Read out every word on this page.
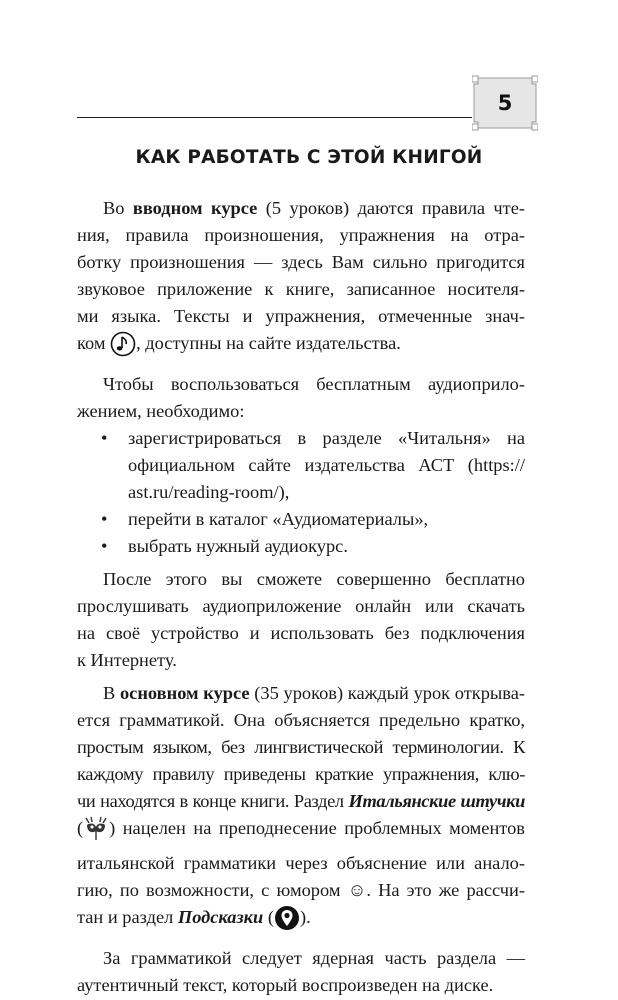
5
КАК РАБОТАТЬ С ЭТОЙ КНИГОЙ

Во вводном курсе (5 уроков) даются правила чте-

ния, правила произношения, упражнения на отра-

ботку произношения — здесь Вам сильно пригодится

звуковое приложение к книге, записанное носителя-

ми языка. Тексты и упражнения, отмеченные знач-

ком , доступны на сайте издательства.

Чтобы воспользоваться бесплатным аудиоприло-

жением, необходимо:

• зарегистрироваться в разделе «Читальня» на

официальном сайте издательства АСТ (https://

ast.ru/reading-room/),

• перейти в каталог «Аудиоматериалы»,

• выбрать нужный аудиокурс.

После этого вы сможете совершенно бесплатно

прослушивать аудиоприложение онлайн или скачать

на своё устройство и использовать без подключения

к Интернету.

В основном курсе (35 уроков) каждый урок открыва-

ется грамматикой. Она объясняется предельно кратко,

простым языком, без лингвистической терминологии. К

каждому правилу приведены краткие упражнения, клю-

чи находятся в конце книги. Раздел Итальянские штучки

( ) нацелен на преподнесение проблемных моментов

итальянской грамматики через объяснение или анало-

гию, по возможности, с юмором ☺. На это же рассчи-

тан и раздел Подсказки ( ).

За грамматикой следует ядерная часть раздела —

аутентичный текст, который воспроизведен на диске.
